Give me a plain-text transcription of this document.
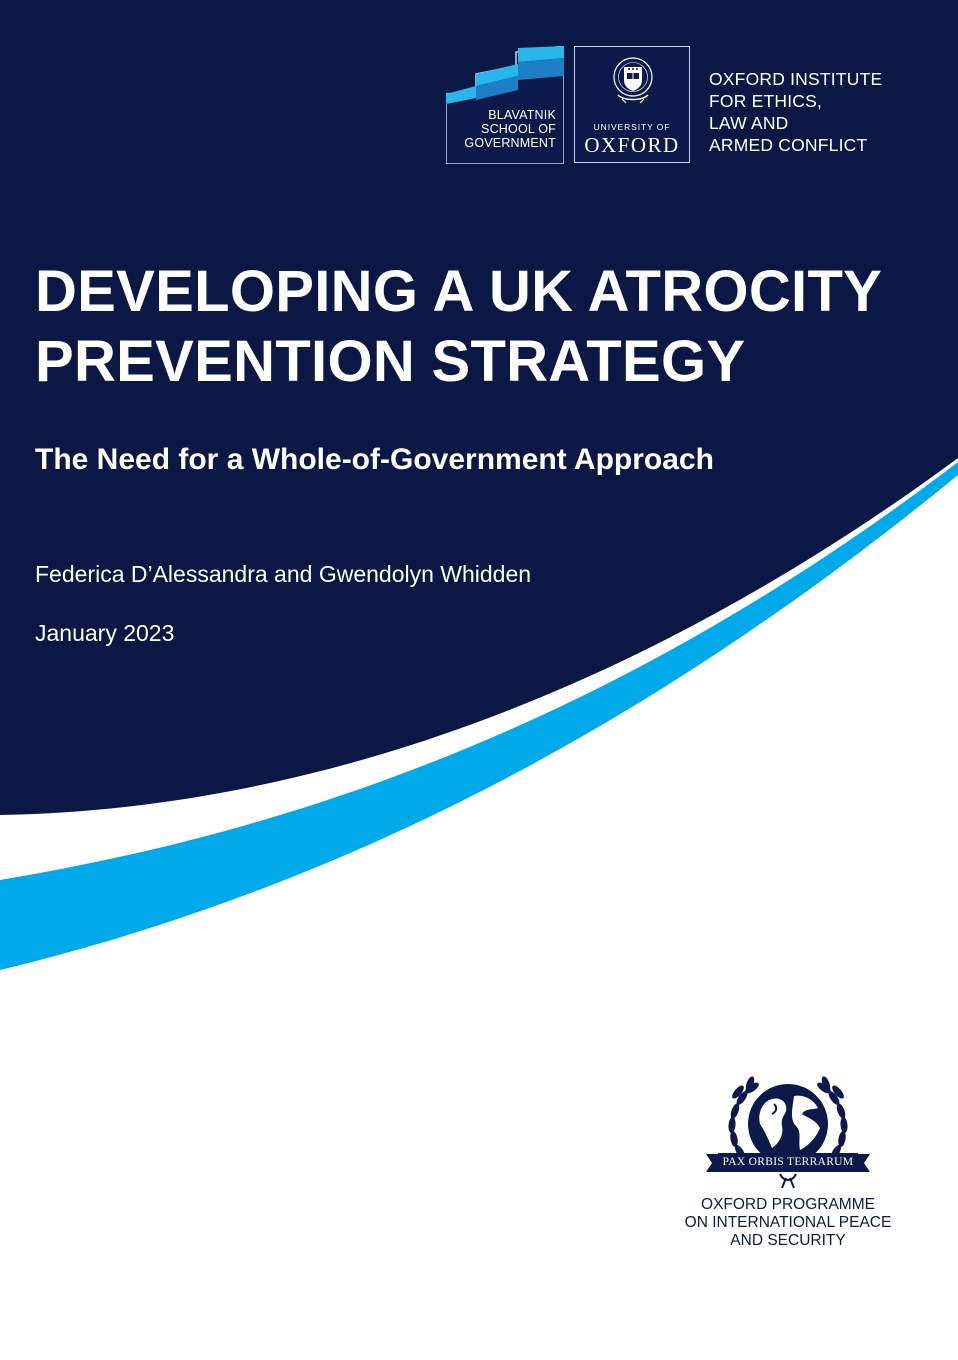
BLAVATNIK
SCHOOL OF
GOVERNMENT
UNIVERSITY OF
OXFORD
OXFORD INSTITUTE
FOR ETHICS,
LAW AND
ARMED CONFLICT
DEVELOPING A UK ATROCITY
PREVENTION STRATEGY
The Need for a Whole-of-Government Approach
Federica D’Alessandra and Gwendolyn Whidden
January 2023
PAX ORBIS TERRARUM
OXFORD PROGRAMME
ON INTERNATIONAL PEACE
AND SECURITY
